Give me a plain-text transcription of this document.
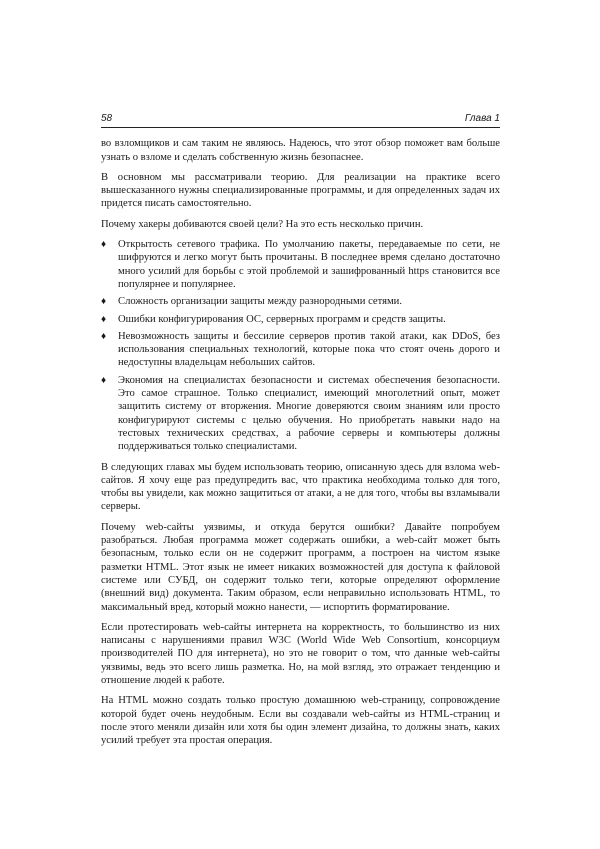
58	Глава 1

во взломщиков и сам таким не являюсь. Надеюсь, что этот обзор поможет вам больше узнать о взломе и сделать собственную жизнь безопаснее.

В основном мы рассматривали теорию. Для реализации на практике всего вышесказанного нужны специализированные программы, и для определенных задач их придется писать самостоятельно.

Почему хакеры добиваются своей цели? На это есть несколько причин.

♦ Открытость сетевого трафика. По умолчанию пакеты, передаваемые по сети, не шифруются и легко могут быть прочитаны. В последнее время сделано достаточно много усилий для борьбы с этой проблемой и зашифрованный https становится все популярнее и популярнее.
♦ Сложность организации защиты между разнородными сетями.
♦ Ошибки конфигурирования ОС, серверных программ и средств защиты.
♦ Невозможность защиты и бессилие серверов против такой атаки, как DDoS, без использования специальных технологий, которые пока что стоят очень дорого и недоступны владельцам небольших сайтов.
♦ Экономия на специалистах безопасности и системах обеспечения безопасности. Это самое страшное. Только специалист, имеющий многолетний опыт, может защитить систему от вторжения. Многие доверяются своим знаниям или просто конфигурируют системы с целью обучения. Но приобретать навыки надо на тестовых технических средствах, а рабочие серверы и компьютеры должны поддерживаться только специалистами.

В следующих главах мы будем использовать теорию, описанную здесь для взлома web-сайтов. Я хочу еще раз предупредить вас, что практика необходима только для того, чтобы вы увидели, как можно защититься от атаки, а не для того, чтобы вы взламывали серверы.

Почему web-сайты уязвимы, и откуда берутся ошибки? Давайте попробуем разобраться. Любая программа может содержать ошибки, а web-сайт может быть безопасным, только если он не содержит программ, а построен на чистом языке разметки HTML. Этот язык не имеет никаких возможностей для доступа к файловой системе или СУБД, он содержит только теги, которые определяют оформление (внешний вид) документа. Таким образом, если неправильно использовать HTML, то максимальный вред, который можно нанести, — испортить форматирование.

Если протестировать web-сайты интернета на корректность, то большинство из них написаны с нарушениями правил W3C (World Wide Web Consortium, консорциум производителей ПО для интернета), но это не говорит о том, что данные web-сайты уязвимы, ведь это всего лишь разметка. Но, на мой взгляд, это отражает тенденцию и отношение людей к работе.

На HTML можно создать только простую домашнюю web-страницу, сопровождение которой будет очень неудобным. Если вы создавали web-сайты из HTML-страниц и после этого меняли дизайн или хотя бы один элемент дизайна, то должны знать, каких усилий требует эта простая операция.
